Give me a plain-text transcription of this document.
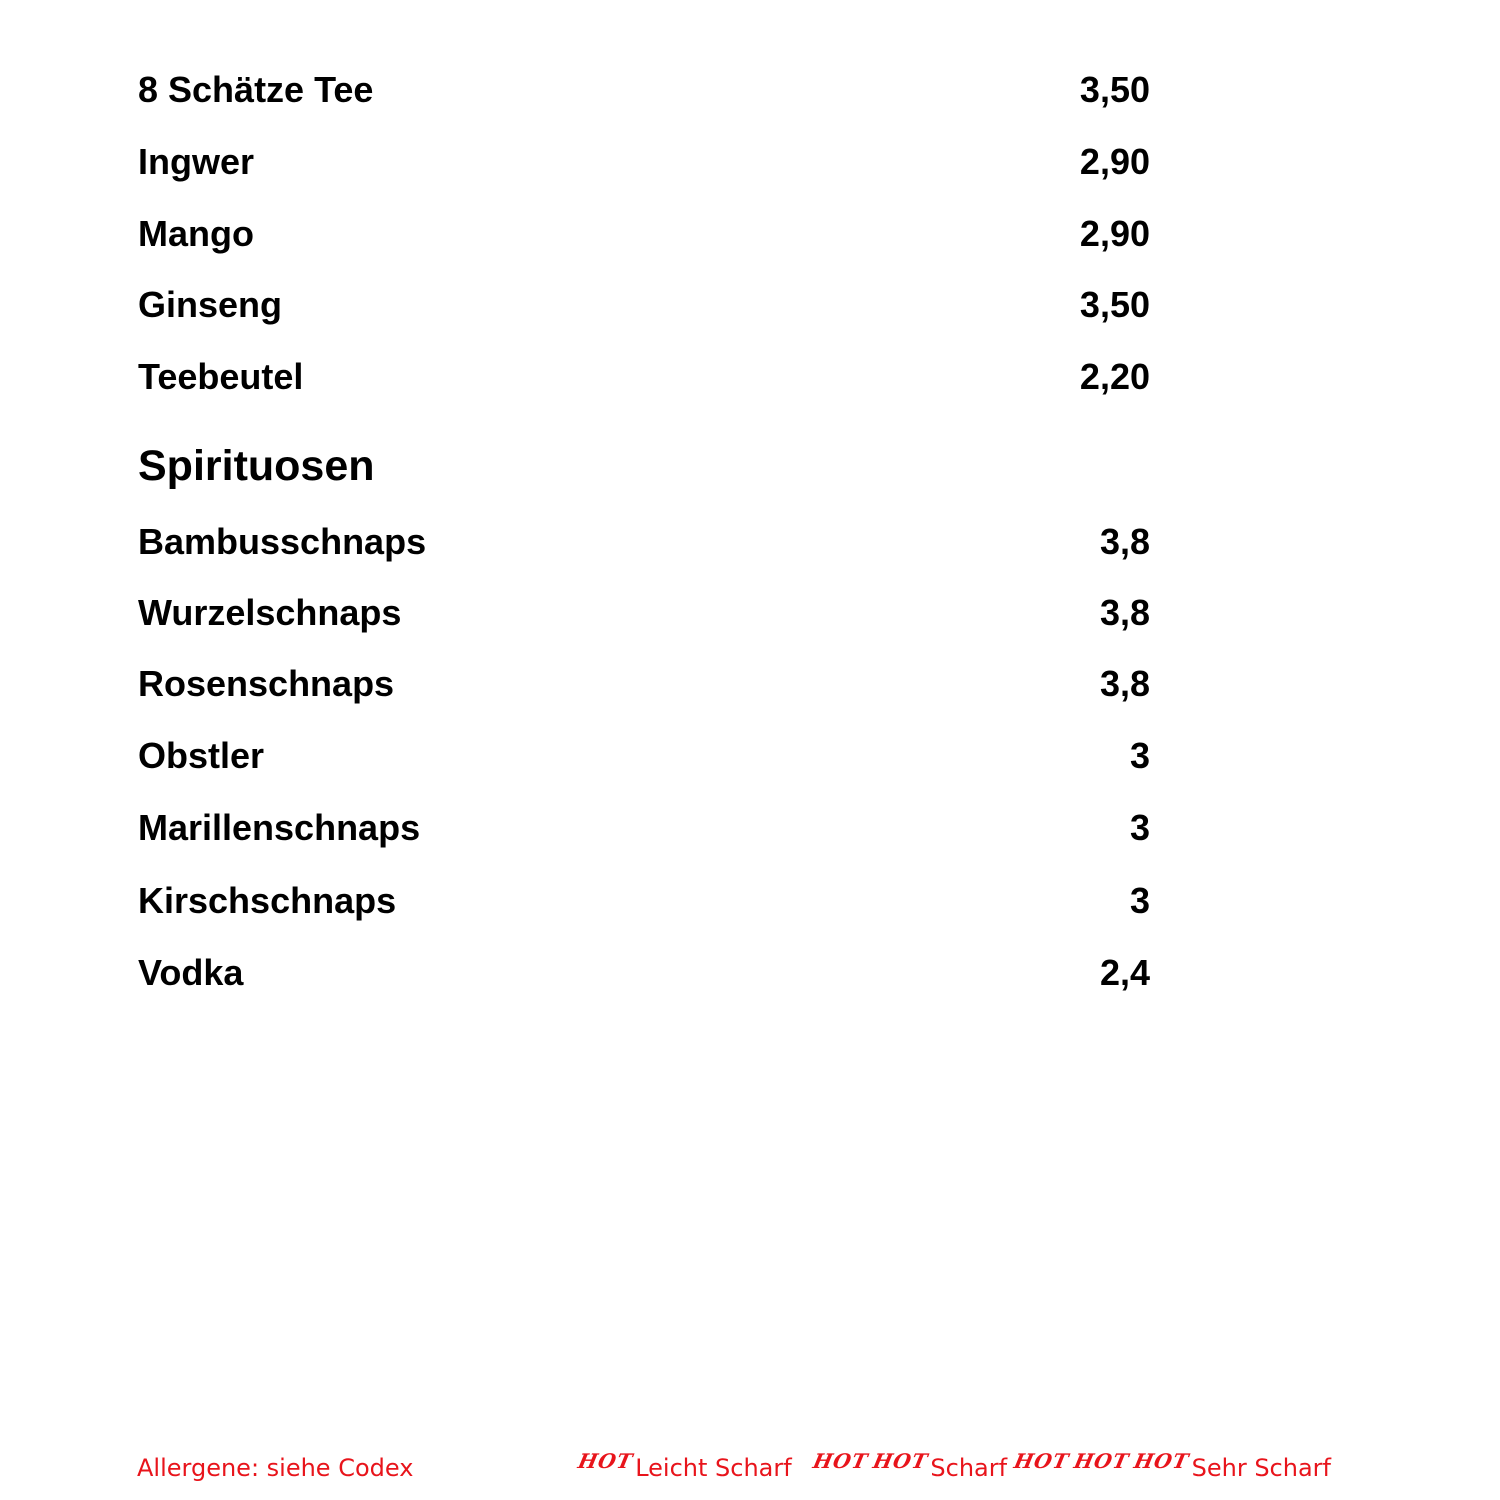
8 Schätze Tee	3,50
Ingwer	2,90
Mango	2,90
Ginseng	3,50
Teebeutel	2,20
Spirituosen
Bambusschnaps	3,8
Wurzelschnaps	3,8
Rosenschnaps	3,8
Obstler	3
Marillenschnaps	3
Kirschschnaps	3
Vodka	2,4
Allergene: siehe Codex	HOT Leicht Scharf HOT HOT Scharf HOT HOT HOT Sehr Scharf
